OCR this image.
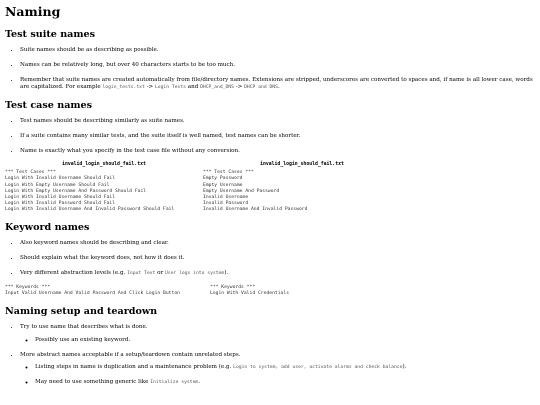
Naming
Test suite names
• Suite names should be as describing as possible.
• Names can be relatively long, but over 40 characters starts to be too much.
• Remember that suite names are created automatically from file/directory names. Extensions are stripped, underscores are converted to spaces and, if name is all lower case, words are capitalized. For example login_tests.txt -> Login Tests and DHCP_and_DNS -> DHCP and DNS.
Test case names
• Test names should be describing similarly as suite names.
• If a suite contains many similar tests, and the suite itself is well named, test names can be shorter.
• Name is exactly what you specify in the test case file without any conversion.
invalid_login_should_fail.txt
*** Test Cases ***
Login With Invalid Username Should Fail
Login With Empty Username Should Fail
Login With Empty Username And Password Should Fail
Login With Invalid Username Should Fail
Login With Invalid Password Should Fail
Login With Invalid Username And Invalid Password Should Fail
invalid_login_should_fail.txt
*** Test Cases ***
Empty Password
Empty Username
Empty Username And Password
Invalid Username
Invalid Password
Invalid Username And Invalid Password
Keyword names
• Also keyword names should be describing and clear.
• Should explain what the keyword does, not how it does it.
• Very different abstraction levels (e.g. Input Text or User logs into system).
*** Keywords ***
Input Valid Username And Valid Password And Click Login Button
*** Keywords ***
Login With Valid Credentials
Naming setup and teardown
• Try to use name that describes what is done.
◦ Possibly use an existing keyword.
• More abstract names acceptable if a setup/teardown contain unrelated steps.
◦ Listing steps in name is duplication and a maintenance problem (e.g. Login to system, add user, activate alarms and check balance).
◦ May need to use something generic like Initialize system.
